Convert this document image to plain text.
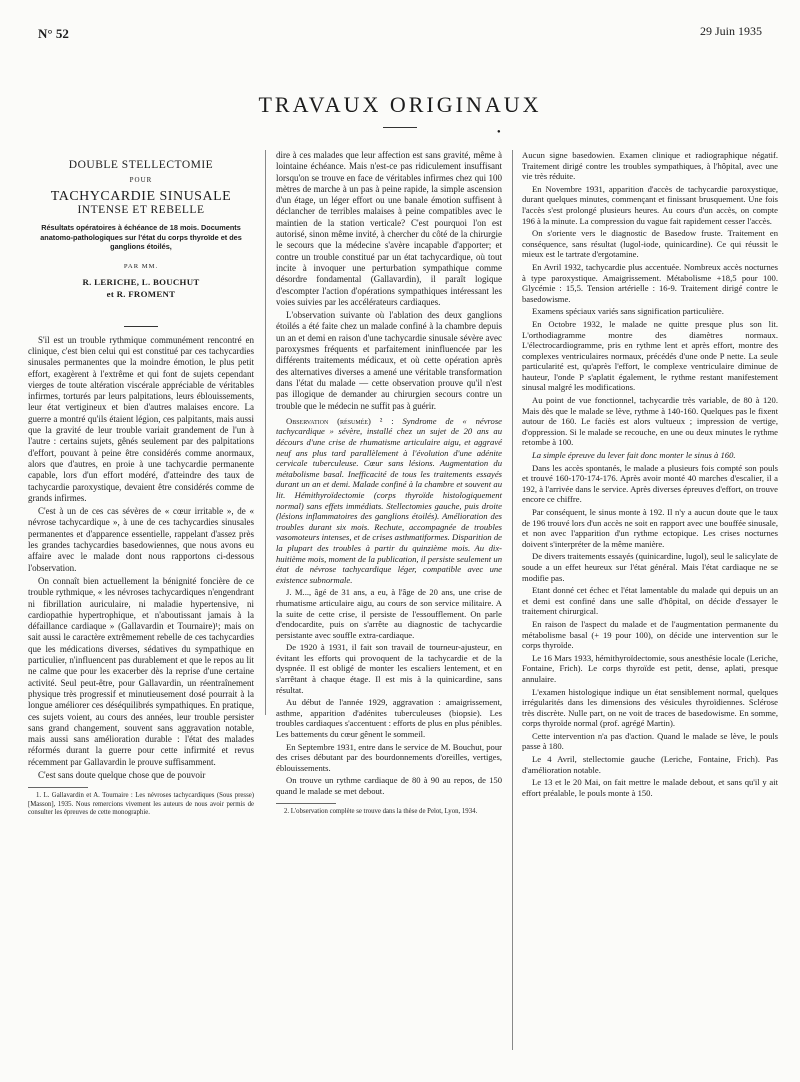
N° 52	29 Juin 1935
TRAVAUX ORIGINAUX
●
DOUBLE STELLECTOMIE
POUR
TACHYCARDIE SINUSALE
INTENSE ET REBELLE
Résultats opératoires à échéance de 18 mois. Documents anatomo-pathologiques sur l'état du corps thyroïde et des ganglions étoilés,
PAR MM.
R. LERICHE, L. BOUCHUT
et R. FROMENT

S'il est un trouble rythmique communément rencontré en clinique, c'est bien celui qui est constitué par ces tachycardies sinusales permanentes que la moindre émotion, le plus petit effort, exagèrent à l'extrême et qui font de sujets cependant vierges de toute altération viscérale appréciable de véritables infirmes, torturés par leurs palpitations, leurs éblouissements, leur état vertigineux et bien d'autres malaises encore. La guerre a montré qu'ils étaient légion, ces palpitants, mais aussi que la gravité de leur trouble variait grandement de l'un à l'autre : certains sujets, gênés seulement par des palpitations d'effort, pouvant à peine être considérés comme anormaux, alors que d'autres, en proie à une tachycardie permanente capable, lors d'un effort modéré, d'atteindre des taux de tachycardie paroxystique, devaient être considérés comme de grands infirmes.

C'est à un de ces cas sévères de « cœur irritable », de « névrose tachycardique », à une de ces tachycardies sinusales permanentes et d'apparence essentielle, rappelant d'assez près les grandes tachycardies basedowiennes, que nous avons eu affaire avec le malade dont nous rapportons ci-dessous l'observation.

On connaît bien actuellement la bénignité foncière de ce trouble rythmique, « les névroses tachycardiques n'engendrant ni fibrillation auriculaire, ni maladie hypertensive, ni cardiopathie hypertrophique, et n'aboutissant jamais à la défaillance cardiaque » (Gallavardin et Tournaire)¹; mais on sait aussi le caractère extrêmement rebelle de ces tachycardies que les médications diverses, sédatives du sympathique en particulier, n'influencent pas durablement et que le repos au lit ne calme que pour les exacerber dès la reprise d'une certaine activité. Seul peut-être, pour Gallavardin, un réentraînement physique très progressif et minutieusement dosé pourrait à la longue améliorer ces déséquilibrés sympathiques. En pratique, ces sujets voient, au cours des années, leur trouble persister sans grand changement, souvent sans aggravation notable, mais aussi sans amélioration durable : l'état des malades réformés durant la guerre pour cette infirmité et revus récemment par Gallavardin le prouve suffisamment.

C'est sans doute quelque chose que de pouvoir

1. L. Gallavardin et A. Tournaire : Les névroses tachycardiques (Sous presse) [Masson], 1935. Nous remercions vivement les auteurs de nous avoir permis de consulter les épreuves de cette monographie.

dire à ces malades que leur affection est sans gravité, même à lointaine échéance. Mais n'est-ce pas ridiculement insuffisant lorsqu'on se trouve en face de véritables infirmes chez qui 100 mètres de marche à un pas à peine rapide, la simple ascension d'un étage, un léger effort ou une banale émotion suffisent à déclancher de terribles malaises à peine compatibles avec le maintien de la station verticale? C'est pourquoi l'on est autorisé, sinon même invité, à chercher du côté de la chirurgie le secours que la médecine s'avère incapable d'apporter; et contre un trouble constitué par un état tachycardique, où tout incite à invoquer une perturbation sympathique comme désordre fondamental (Gallavardin), il paraît logique d'escompter l'action d'opérations sympathiques intéressant les voies suivies par les accélérateurs cardiaques.

L'observation suivante où l'ablation des deux ganglions étoilés a été faite chez un malade confiné à la chambre depuis un an et demi en raison d'une tachycardie sinusale sévère avec paroxysmes fréquents et parfaitement ininfluencée par les différents traitements médicaux, et où cette opération après des alternatives diverses a amené une véritable transformation dans l'état du malade — cette observation prouve qu'il n'est pas illogique de demander au chirurgien secours contre un trouble que le médecin ne suffit pas à guérir.

Observation (résumée) ² : Syndrome de « névrose tachycardique » sévère, installé chez un sujet de 20 ans au décours d'une crise de rhumatisme articulaire aigu, et aggravé neuf ans plus tard parallèlement à l'évolution d'une adénite cervicale tuberculeuse. Cœur sans lésions. Augmentation du métabolisme basal. Inefficacité de tous les traitements essayés durant un an et demi. Malade confiné à la chambre et souvent au lit. Hémithyroïdectomie (corps thyroïde histologiquement normal) sans effets immédiats. Stellectomies gauche, puis droite (lésions inflammatoires des ganglions étoilés). Amélioration des troubles durant six mois. Rechute, accompagnée de troubles vasomoteurs intenses, et de crises asthmatiformes. Disparition de la plupart des troubles à partir du quinzième mois. Au dix-huitième mois, moment de la publication, il persiste seulement un état de névrose tachycardique léger, compatible avec une existence subnormale.

J. M..., âgé de 31 ans, a eu, à l'âge de 20 ans, une crise de rhumatisme articulaire aigu, au cours de son service militaire. A la suite de cette crise, il persiste de l'essoufflement. On parle d'endocardite, puis on s'arrête au diagnostic de tachycardie persistante avec souffle extra-cardiaque.

De 1920 à 1931, il fait son travail de tourneur-ajusteur, en évitant les efforts qui provoquent de la tachycardie et de la dyspnée. Il est obligé de monter les escaliers lentement, et en s'arrêtant à chaque étage. Il est mis à la quinicardine, sans résultat.

Au début de l'année 1929, aggravation : amaigrissement, asthme, apparition d'adénites tuberculeuses (biopsie). Les troubles cardiaques s'accentuent : efforts de plus en plus pénibles. Les battements du cœur gênent le sommeil.

En Septembre 1931, entre dans le service de M. Bouchut, pour des crises débutant par des bourdonnements d'oreilles, vertiges, éblouissements.

On trouve un rythme cardiaque de 80 à 90 au repos, de 150 quand le malade se met debout.

2. L'observation complète se trouve dans la thèse de Pelot, Lyon, 1934.

Aucun signe basedowien. Examen clinique et radiographique négatif. Traitement dirigé contre les troubles sympathiques, à l'hôpital, avec une vie très réduite.

En Novembre 1931, apparition d'accès de tachycardie paroxystique, durant quelques minutes, commençant et finissant brusquement. Une fois l'accès s'est prolongé plusieurs heures. Au cours d'un accès, on compte 196 à la minute. La compression du vague fait rapidement cesser l'accès.

On s'oriente vers le diagnostic de Basedow fruste. Traitement en conséquence, sans résultat (lugol-iode, quinicardine). Ce qui réussit le mieux est le tartrate d'ergotamine.

En Avril 1932, tachycardie plus accentuée. Nombreux accès nocturnes à type paroxystique. Amaigrissement. Métabolisme +18,5 pour 100. Glycémie : 15,5. Tension artérielle : 16-9. Traitement dirigé contre le basedowisme.

Examens spéciaux variés sans signification particulière.

En Octobre 1932, le malade ne quitte presque plus son lit. L'orthodiagramme montre des diamètres normaux. L'électrocardiogramme, pris en rythme lent et après effort, montre des complexes ventriculaires normaux, précédés d'une onde P nette. La seule particularité est, qu'après l'effort, le complexe ventriculaire diminue de hauteur, l'onde P s'aplatit également, le rythme restant manifestement sinusal malgré les modifications.

Au point de vue fonctionnel, tachycardie très variable, de 80 à 120. Mais dès que le malade se lève, rythme à 140-160. Quelques pas le fixent autour de 160. Le faciès est alors vultueux ; impression de vertige, d'oppression. Si le malade se recouche, en une ou deux minutes le rythme retombe à 100.

La simple épreuve du lever fait donc monter le sinus à 160.

Dans les accès spontanés, le malade a plusieurs fois compté son pouls et trouvé 160-170-174-176. Après avoir monté 40 marches d'escalier, il a 192, à l'arrivée dans le service. Après diverses épreuves d'effort, on trouve encore ce chiffre.

Par conséquent, le sinus monte à 192. Il n'y a aucun doute que le taux de 196 trouvé lors d'un accès ne soit en rapport avec une bouffée sinusale, et non avec l'apparition d'un rythme ectopique. Les crises nocturnes doivent s'interpréter de la même manière.

De divers traitements essayés (quinicardine, lugol), seul le salicylate de soude a un effet heureux sur l'état général. Mais l'état cardiaque ne se modifie pas.

Etant donné cet échec et l'état lamentable du malade qui depuis un an et demi est confiné dans une salle d'hôpital, on décide d'essayer le traitement chirurgical.

En raison de l'aspect du malade et de l'augmentation permanente du métabolisme basal (+ 19 pour 100), on décide une intervention sur le corps thyroïde.

Le 16 Mars 1933, hémithyroïdectomie, sous anesthésie locale (Leriche, Fontaine, Frich). Le corps thyroïde est petit, dense, aplati, presque annulaire.

L'examen histologique indique un état sensiblement normal, quelques irrégularités dans les dimensions des vésicules thyroïdiennes. Sclérose très discrète. Nulle part, on ne voit de traces de basedowisme. En somme, corps thyroïde normal (prof. agrégé Martin).

Cette intervention n'a pas d'action. Quand le malade se lève, le pouls passe à 180.

Le 4 Avril, stellectomie gauche (Leriche, Fontaine, Frich). Pas d'amélioration notable.

Le 13 et le 20 Mai, on fait mettre le malade debout, et sans qu'il y ait effort préalable, le pouls monte à 150.
